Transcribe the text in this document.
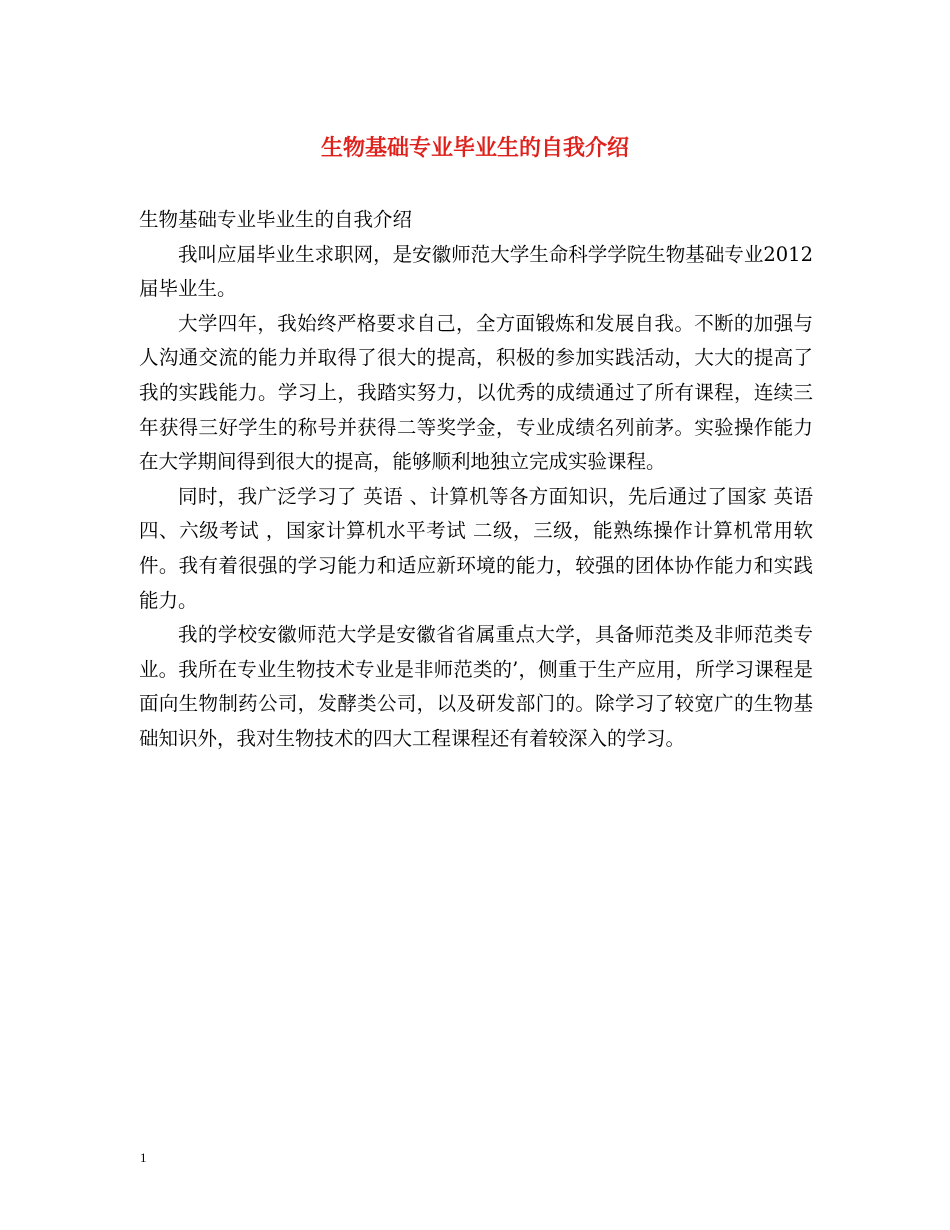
生物基础专业毕业生的自我介绍

生物基础专业毕业生的自我介绍

我叫应届毕业生求职网，是安徽师范大学生命科学学院生物基础专业2012届毕业生。

大学四年，我始终严格要求自己，全方面锻炼和发展自我。不断的加强与人沟通交流的能力并取得了很大的提高，积极的参加实践活动，大大的提高了我的实践能力。学习上，我踏实努力，以优秀的成绩通过了所有课程，连续三年获得三好学生的称号并获得二等奖学金，专业成绩名列前茅。实验操作能力在大学期间得到很大的提高，能够顺利地独立完成实验课程。

同时，我广泛学习了 英语 、计算机等各方面知识，先后通过了国家 英语 四、六级考试 ，国家计算机水平考试 二级，三级，能熟练操作计算机常用软件。我有着很强的学习能力和适应新环境的能力，较强的团体协作能力和实践能力。

我的学校安徽师范大学是安徽省省属重点大学，具备师范类及非师范类专业。我所在专业生物技术专业是非师范类的’，侧重于生产应用，所学习课程是面向生物制药公司，发酵类公司，以及研发部门的。除学习了较宽广的生物基础知识外，我对生物技术的四大工程课程还有着较深入的学习。

1
